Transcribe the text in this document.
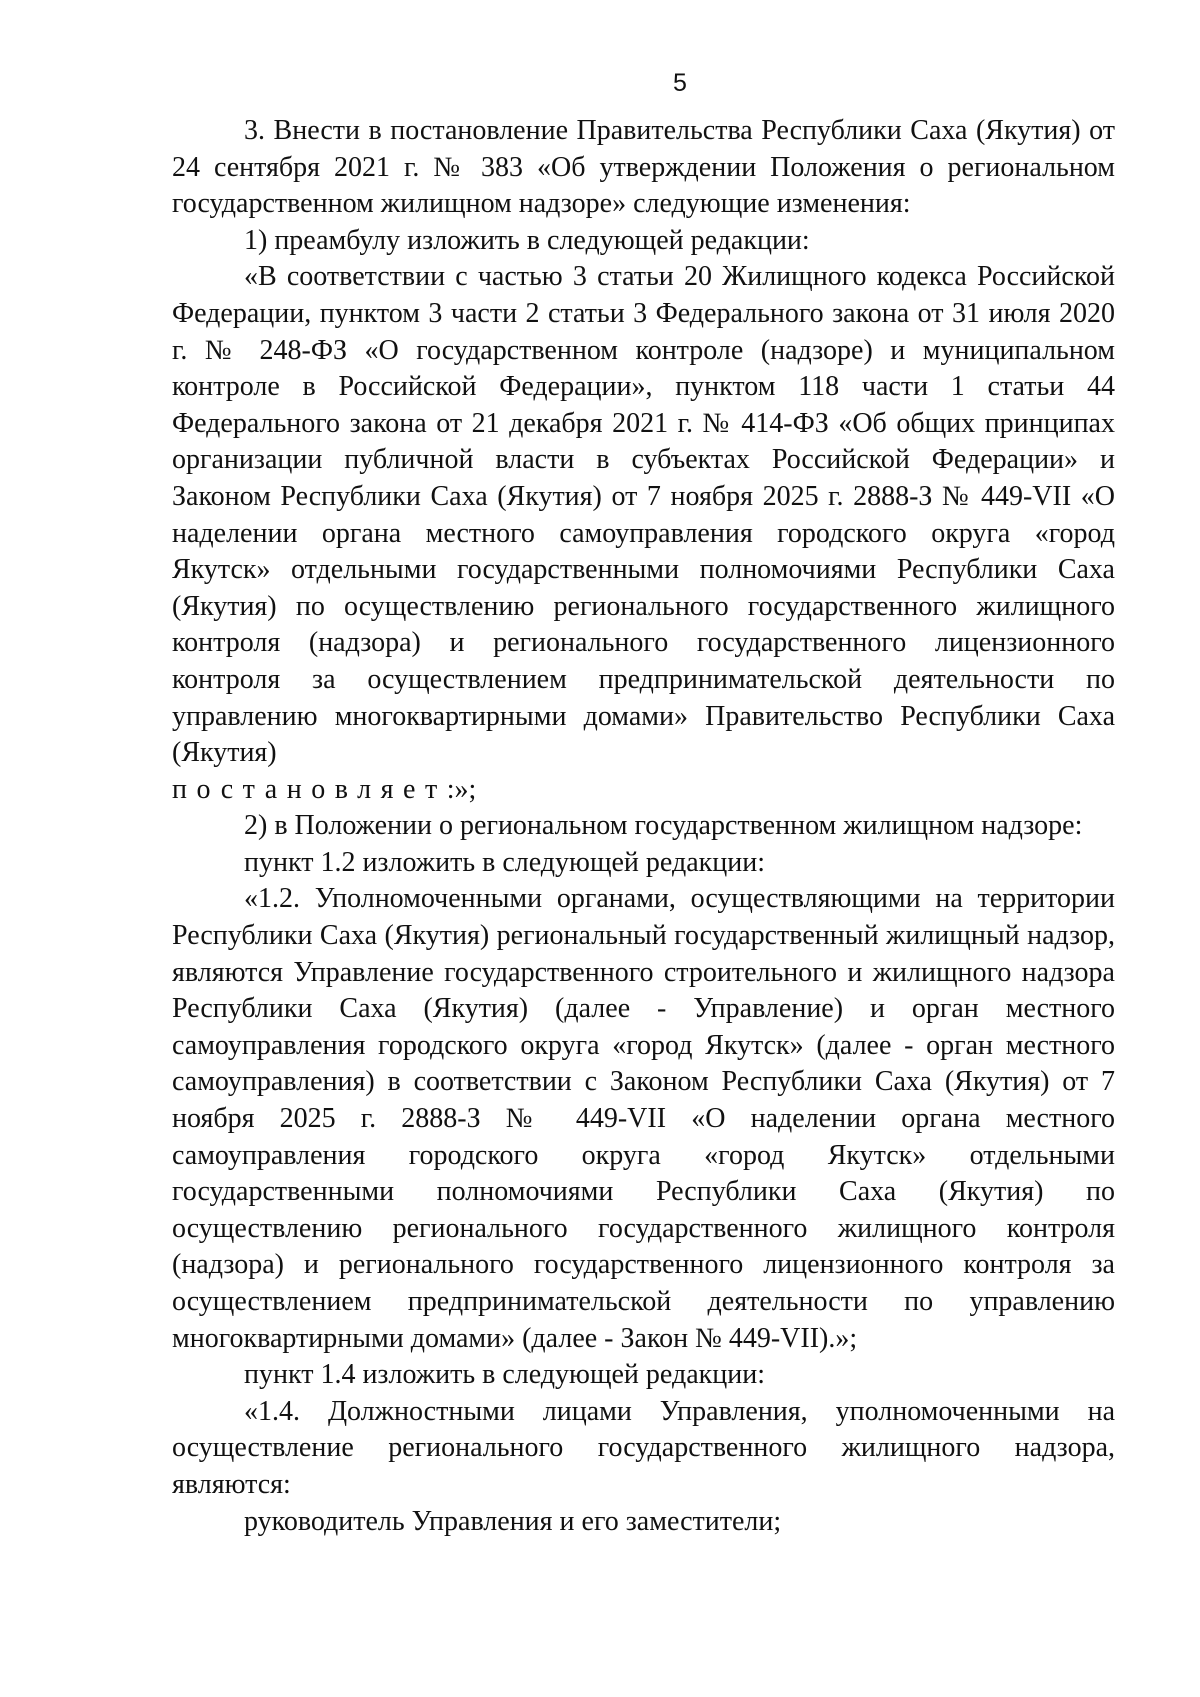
5

3. Внести в постановление Правительства Республики Саха (Якутия) от 24 сентября 2021 г. № 383 «Об утверждении Положения о региональном государственном жилищном надзоре» следующие изменения:

1) преамбулу изложить в следующей редакции:

«В соответствии с частью 3 статьи 20 Жилищного кодекса Российской Федерации, пунктом 3 части 2 статьи 3 Федерального закона от 31 июля 2020 г. № 248-ФЗ «О государственном контроле (надзоре) и муниципальном контроле в Российской Федерации», пунктом 118 части 1 статьи 44 Федерального закона от 21 декабря 2021 г. № 414-ФЗ «Об общих принципах организации публичной власти в субъектах Российской Федерации» и Законом Республики Саха (Якутия) от 7 ноября 2025 г. 2888-З № 449-VII «О наделении органа местного самоуправления городского округа «город Якутск» отдельными государственными полномочиями Республики Саха (Якутия) по осуществлению регионального государственного жилищного контроля (надзора) и регионального государственного лицензионного контроля за осуществлением предпринимательской деятельности по управлению многоквартирными домами» Правительство Республики Саха (Якутия)

постановляет:»;

2) в Положении о региональном государственном жилищном надзоре:

пункт 1.2 изложить в следующей редакции:

«1.2. Уполномоченными органами, осуществляющими на территории Республики Саха (Якутия) региональный государственный жилищный надзор, являются Управление государственного строительного и жилищного надзора Республики Саха (Якутия) (далее - Управление) и орган местного самоуправления городского округа «город Якутск» (далее - орган местного самоуправления) в соответствии с Законом Республики Саха (Якутия) от 7 ноября 2025 г. 2888-З № 449-VII «О наделении органа местного самоуправления городского округа «город Якутск» отдельными государственными полномочиями Республики Саха (Якутия) по осуществлению регионального государственного жилищного контроля (надзора) и регионального государственного лицензионного контроля за осуществлением предпринимательской деятельности по управлению многоквартирными домами» (далее - Закон № 449-VII).»;

пункт 1.4 изложить в следующей редакции:

«1.4. Должностными лицами Управления, уполномоченными на осуществление регионального государственного жилищного надзора, являются:

руководитель Управления и его заместители;
